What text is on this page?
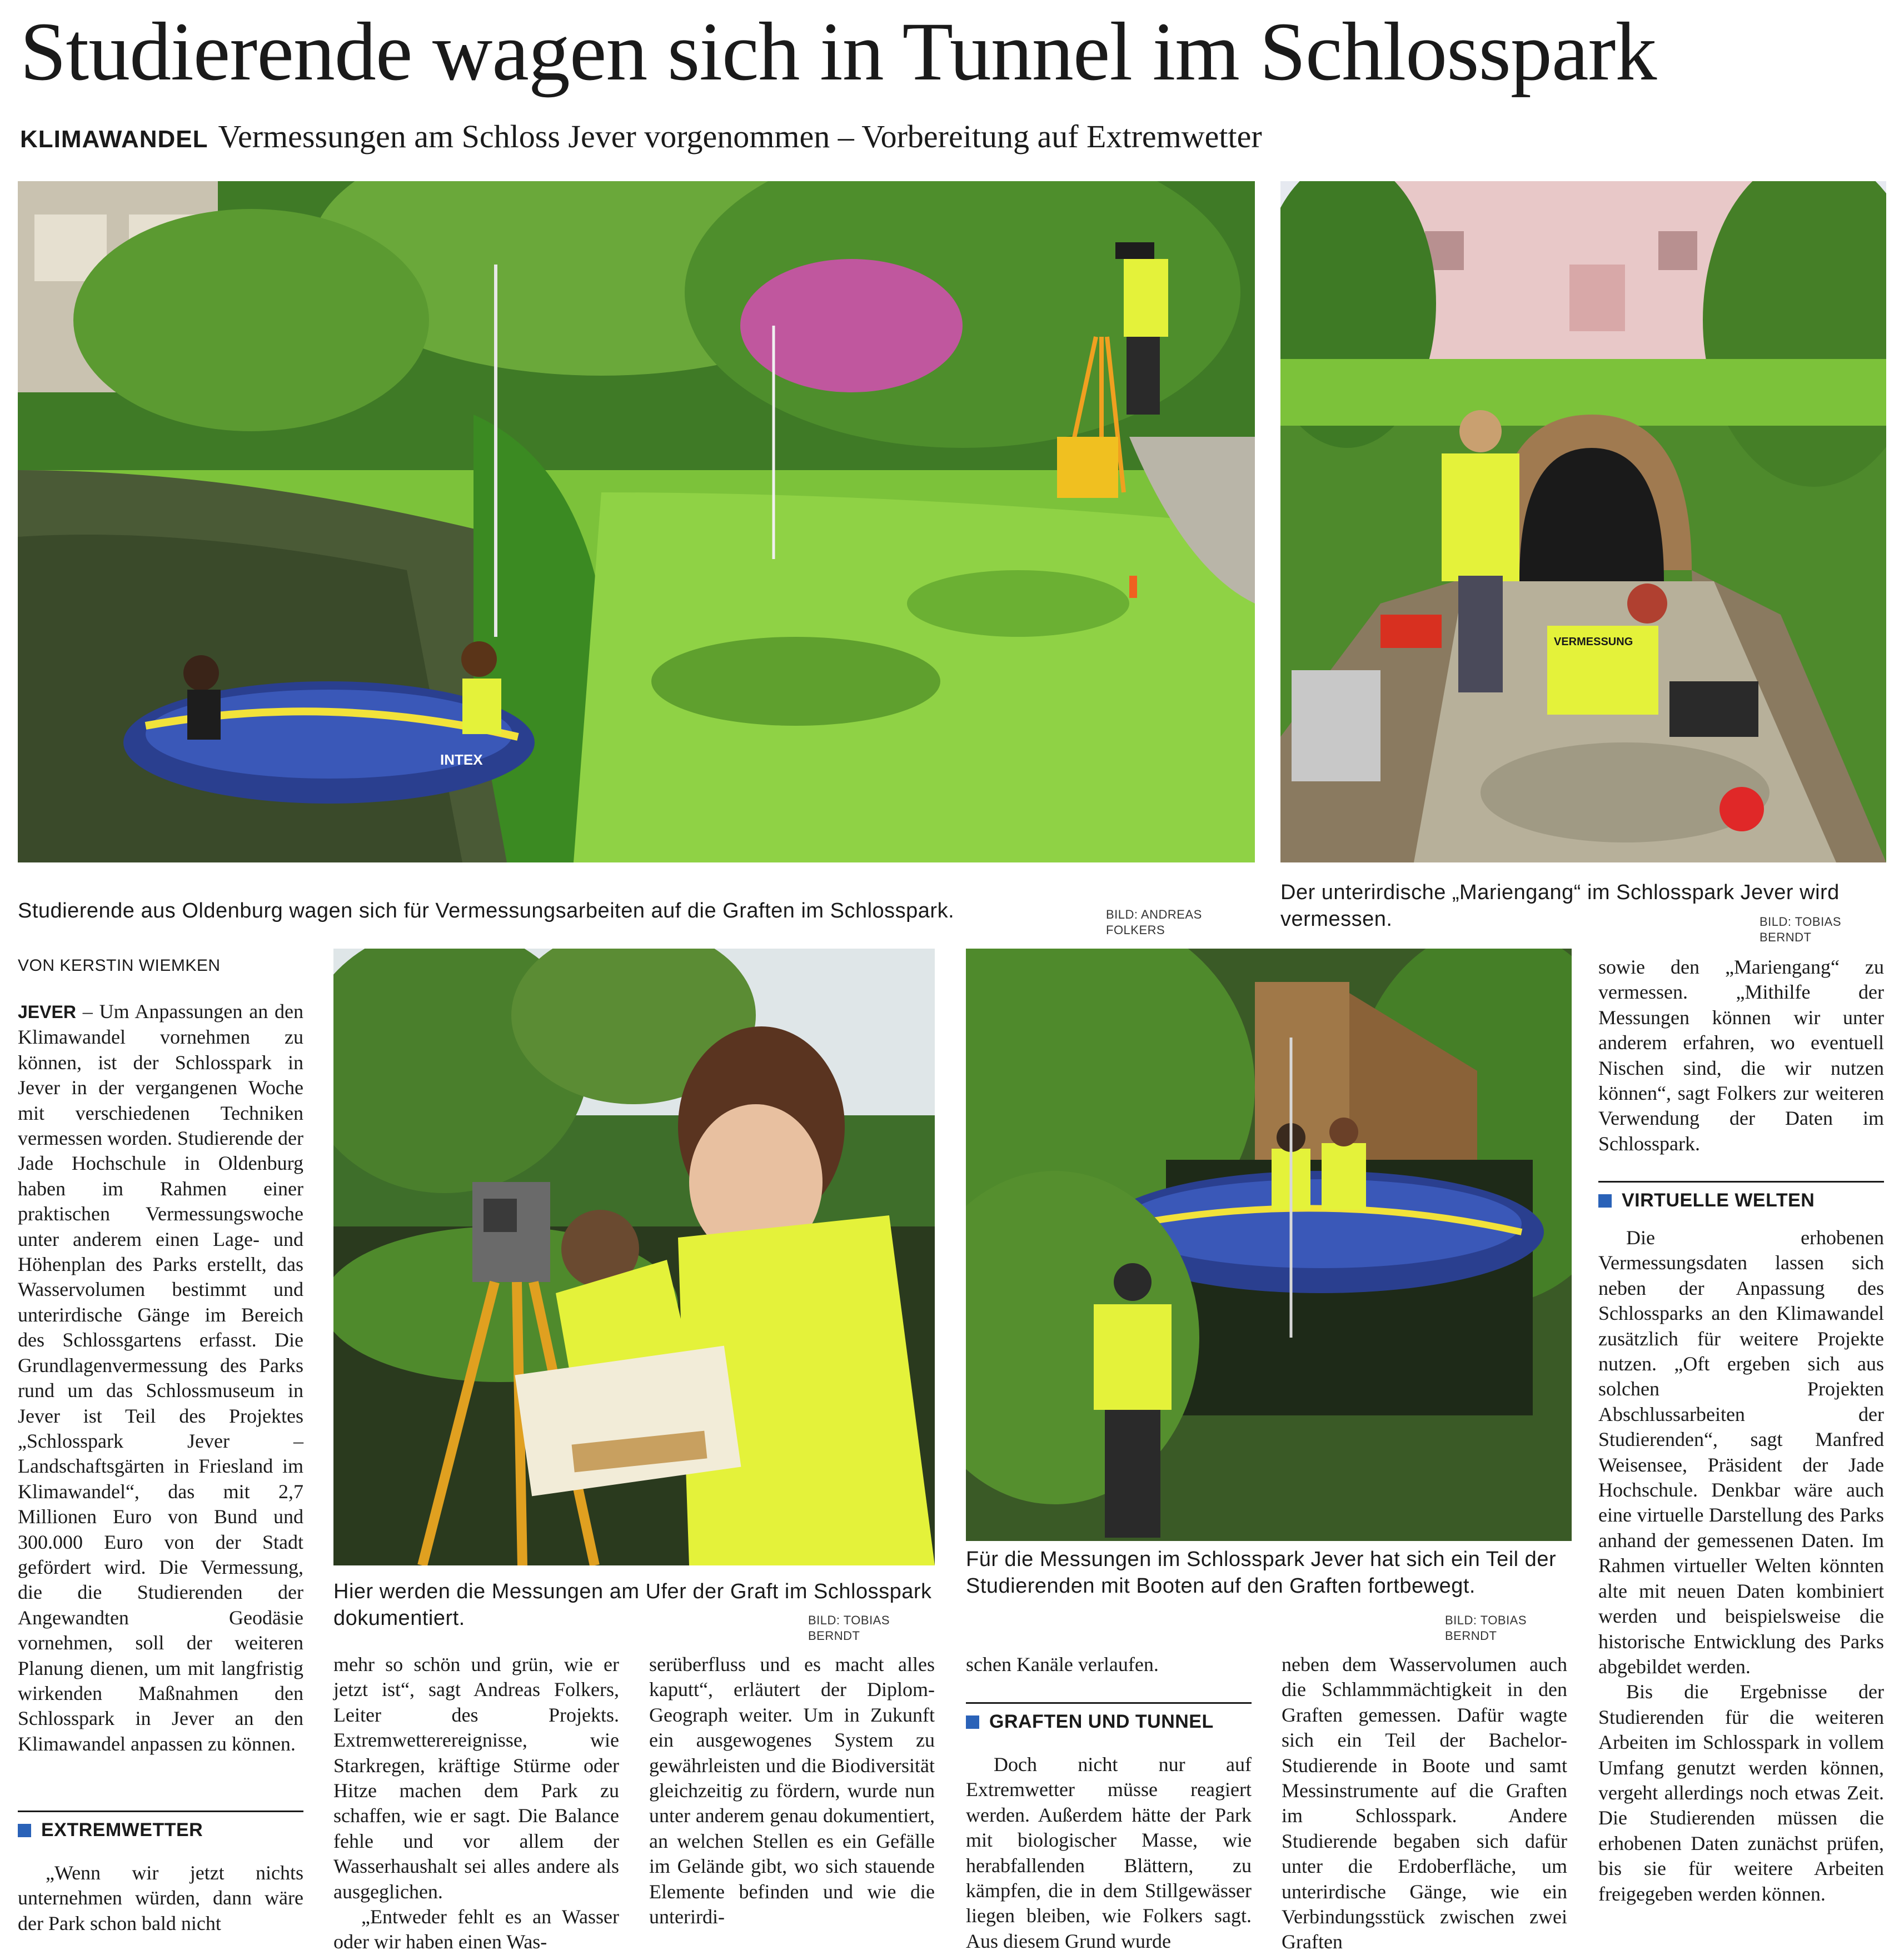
Studierende wagen sich in Tunnel im Schlosspark
KLIMAWANDEL Vermessungen am Schloss Jever vorgenommen – Vorbereitung auf Extremwetter
INTEX
Studierende aus Oldenburg wagen sich für Vermessungsarbeiten auf die Graften im Schlosspark.	BILD: ANDREAS FOLKERS
VERMESSUNG
Der unterirdische „Mariengang“ im Schlosspark Jever wird vermessen.	BILD: TOBIAS BERNDT
VON KERSTIN WIEMKEN

JEVER – Um Anpassungen an den Klimawandel vornehmen zu können, ist der Schlosspark in Jever in der vergangenen Woche mit verschiedenen Techniken vermessen worden. Studierende der Jade Hochschule in Oldenburg haben im Rahmen einer praktischen Vermessungswoche unter anderem einen Lage- und Höhenplan des Parks erstellt, das Wasservolumen bestimmt und unterirdische Gänge im Bereich des Schlossgartens erfasst. Die Grundlagenvermessung des Parks rund um das Schlossmuseum in Jever ist Teil des Projektes „Schlosspark Jever – Landschaftsgärten in Friesland im Klimawandel“, das mit 2,7 Millionen Euro von Bund und 300.000 Euro von der Stadt gefördert wird. Die Vermessung, die die Studierenden der Angewandten Geodäsie vornehmen, soll der weiteren Planung dienen, um mit langfristig wirkenden Maßnahmen den Schlosspark in Jever an den Klimawandel anpassen zu können.

EXTREMWETTER

„Wenn wir jetzt nichts unternehmen würden, dann wäre der Park schon bald nicht

Hier werden die Messungen am Ufer der Graft im Schlosspark dokumentiert.	BILD: TOBIAS BERNDT

mehr so schön und grün, wie er jetzt ist“, sagt Andreas Folkers, Leiter des Projekts. Extremwetterereignisse, wie Starkregen, kräftige Stürme oder Hitze machen dem Park zu schaffen, wie er sagt. Die Balance fehle und vor allem der Wasserhaushalt sei alles andere als ausgeglichen.

„Entweder fehlt es an Wasser oder wir haben einen Was-

serüberfluss und es macht alles kaputt“, erläutert der Diplom-Geograph weiter. Um in Zukunft ein ausgewogenes System zu gewährleisten und die Biodiversität gleichzeitig zu fördern, wurde nun unter anderem genau dokumentiert, an welchen Stellen es ein Gefälle im Gelände gibt, wo sich stauende Elemente befinden und wie die unterirdi-

Für die Messungen im Schlosspark Jever hat sich ein Teil der Studierenden mit Booten auf den Graften fortbewegt.
BILD: TOBIAS BERNDT

schen Kanäle verlaufen.

GRAFTEN UND TUNNEL

Doch nicht nur auf Extremwetter müsse reagiert werden. Außerdem hätte der Park mit biologischer Masse, wie herabfallenden Blättern, zu kämpfen, die in dem Stillgewässer liegen bleiben, wie Folkers sagt. Aus diesem Grund wurde

neben dem Wasservolumen auch die Schlammmächtigkeit in den Graften gemessen. Dafür wagte sich ein Teil der Bachelor-Studierende in Boote und samt Messinstrumente auf die Graften im Schlosspark. Andere Studierende begaben sich dafür unter die Erdoberfläche, um unterirdische Gänge, wie ein Verbindungsstück zwischen zwei Graften

sowie den „Mariengang“ zu vermessen. „Mithilfe der Messungen können wir unter anderem erfahren, wo eventuell Nischen sind, die wir nutzen können“, sagt Folkers zur weiteren Verwendung der Daten im Schlosspark.

VIRTUELLE WELTEN

Die erhobenen Vermessungsdaten lassen sich neben der Anpassung des Schlossparks an den Klimawandel zusätzlich für weitere Projekte nutzen. „Oft ergeben sich aus solchen Projekten Abschlussarbeiten der Studierenden“, sagt Manfred Weisensee, Präsident der Jade Hochschule. Denkbar wäre auch eine virtuelle Darstellung des Parks anhand der gemessenen Daten. Im Rahmen virtueller Welten könnten alte mit neuen Daten kombiniert werden und beispielsweise die historische Entwicklung des Parks abgebildet werden.

Bis die Ergebnisse der Studierenden für die weiteren Arbeiten im Schlosspark in vollem Umfang genutzt werden können, vergeht allerdings noch etwas Zeit. Die Studierenden müssen die erhobenen Daten zunächst prüfen, bis sie für weitere Arbeiten freigegeben werden können.
